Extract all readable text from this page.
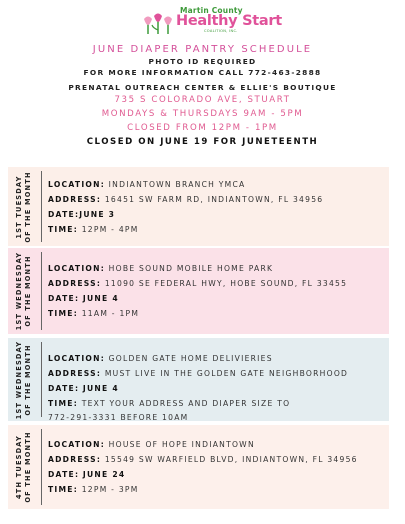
Martin County
Healthy Start
COALITION, INC.
JUNE DIAPER PANTRY SCHEDULE
PHOTO ID REQUIRED
FOR MORE INFORMATION CALL 772-463-2888
PRENATAL OUTREACH CENTER & ELLIE'S BOUTIQUE
735 S COLORADO AVE, STUART
MONDAYS & THURSDAYS 9AM - 5PM
CLOSED FROM 12PM - 1PM
CLOSED ON JUNE 19 FOR JUNETEENTH
1ST TUESDAY OF THE MONTH LOCATION: INDIANTOWN BRANCH YMCA
ADDRESS: 16451 SW FARM RD, INDIANTOWN, FL 34956
DATE:JUNE 3
TIME: 12PM - 4PM
1ST WEDNESDAY OF THE MONTH LOCATION: HOBE SOUND MOBILE HOME PARK
ADDRESS: 11090 SE FEDERAL HWY, HOBE SOUND, FL 33455
DATE: JUNE 4
TIME: 11AM - 1PM
1ST WEDNESDAY OF THE MONTH LOCATION: GOLDEN GATE HOME DELIVIERIES
ADDRESS: MUST LIVE IN THE GOLDEN GATE NEIGHBORHOOD
DATE: JUNE 4
TIME: TEXT YOUR ADDRESS AND DIAPER SIZE TO
772-291-3331 BEFORE 10AM
4TH TUESDAY OF THE MONTH LOCATION: HOUSE OF HOPE INDIANTOWN
ADDRESS: 15549 SW WARFIELD BLVD, INDIANTOWN, FL 34956
DATE: JUNE 24
TIME: 12PM - 3PM
